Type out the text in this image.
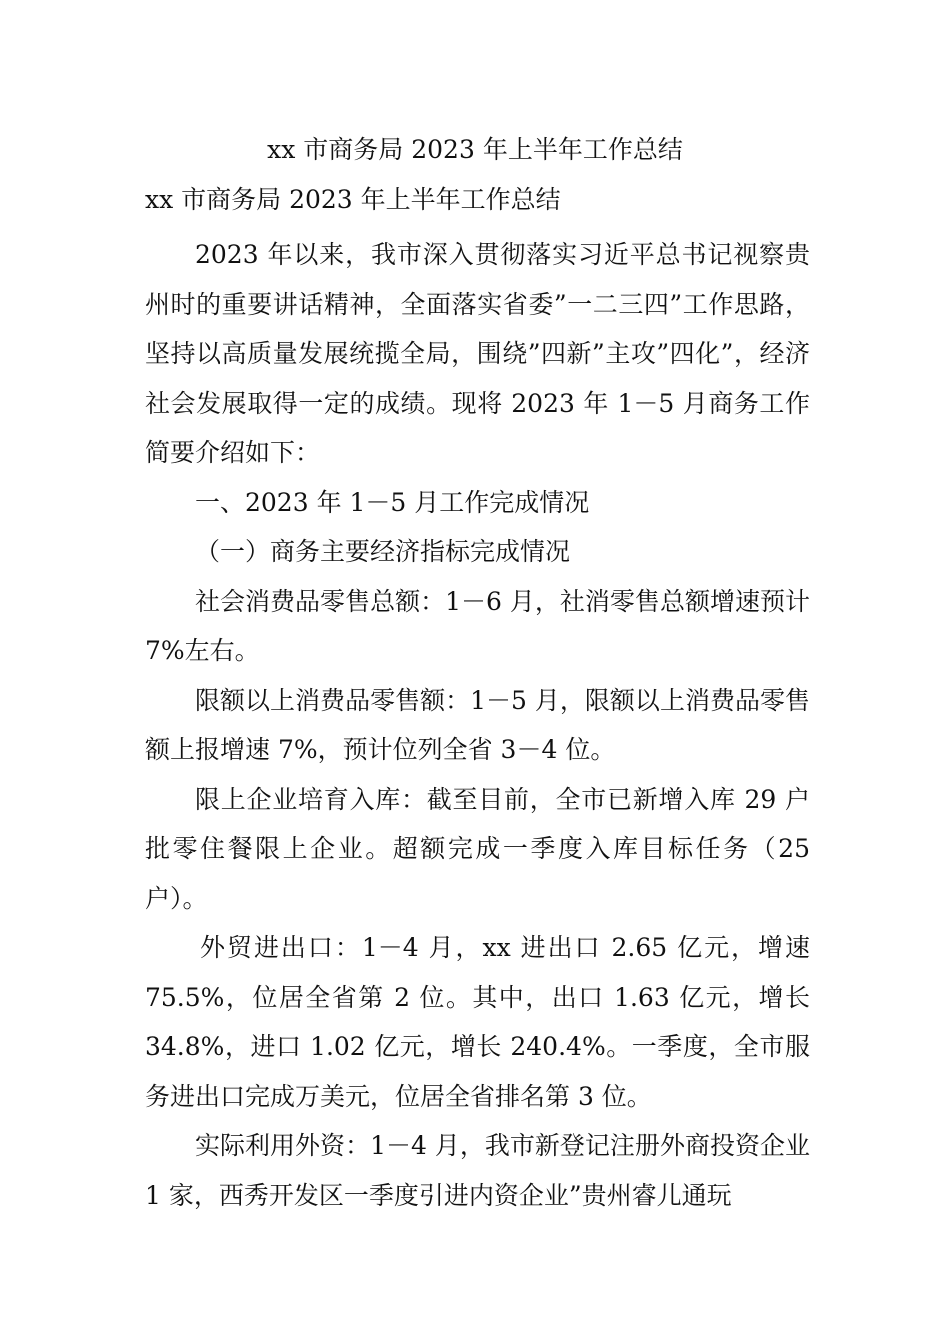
xx 市商务局 2023 年上半年工作总结
xx 市商务局 2023 年上半年工作总结

2023 年以来，我市深入贯彻落实习近平总书记视察贵州时的重要讲话精神，全面落实省委”一二三四”工作思路，坚持以高质量发展统揽全局，围绕”四新”主攻”四化”，经济社会发展取得一定的成绩。现将 2023 年 1－5 月商务工作简要介绍如下：

一、2023 年 1－5 月工作完成情况

（一）商务主要经济指标完成情况

社会消费品零售总额：1－6 月，社消零售总额增速预计 7%左右。

限额以上消费品零售额：1－5 月，限额以上消费品零售额上报增速 7%，预计位列全省 3－4 位。

限上企业培育入库：截至目前，全市已新增入库 29 户批零住餐限上企业。超额完成一季度入库目标任务（25 户）。

外贸进出口：1－4 月，xx 进出口 2.65 亿元，增速 75.5%，位居全省第 2 位。其中，出口 1.63 亿元，增长 34.8%，进口 1.02 亿元，增长 240.4%。一季度，全市服务进出口完成万美元，位居全省排名第 3 位。

实际利用外资：1－4 月，我市新登记注册外商投资企业 1 家，西秀开发区一季度引进内资企业”贵州睿儿通玩
